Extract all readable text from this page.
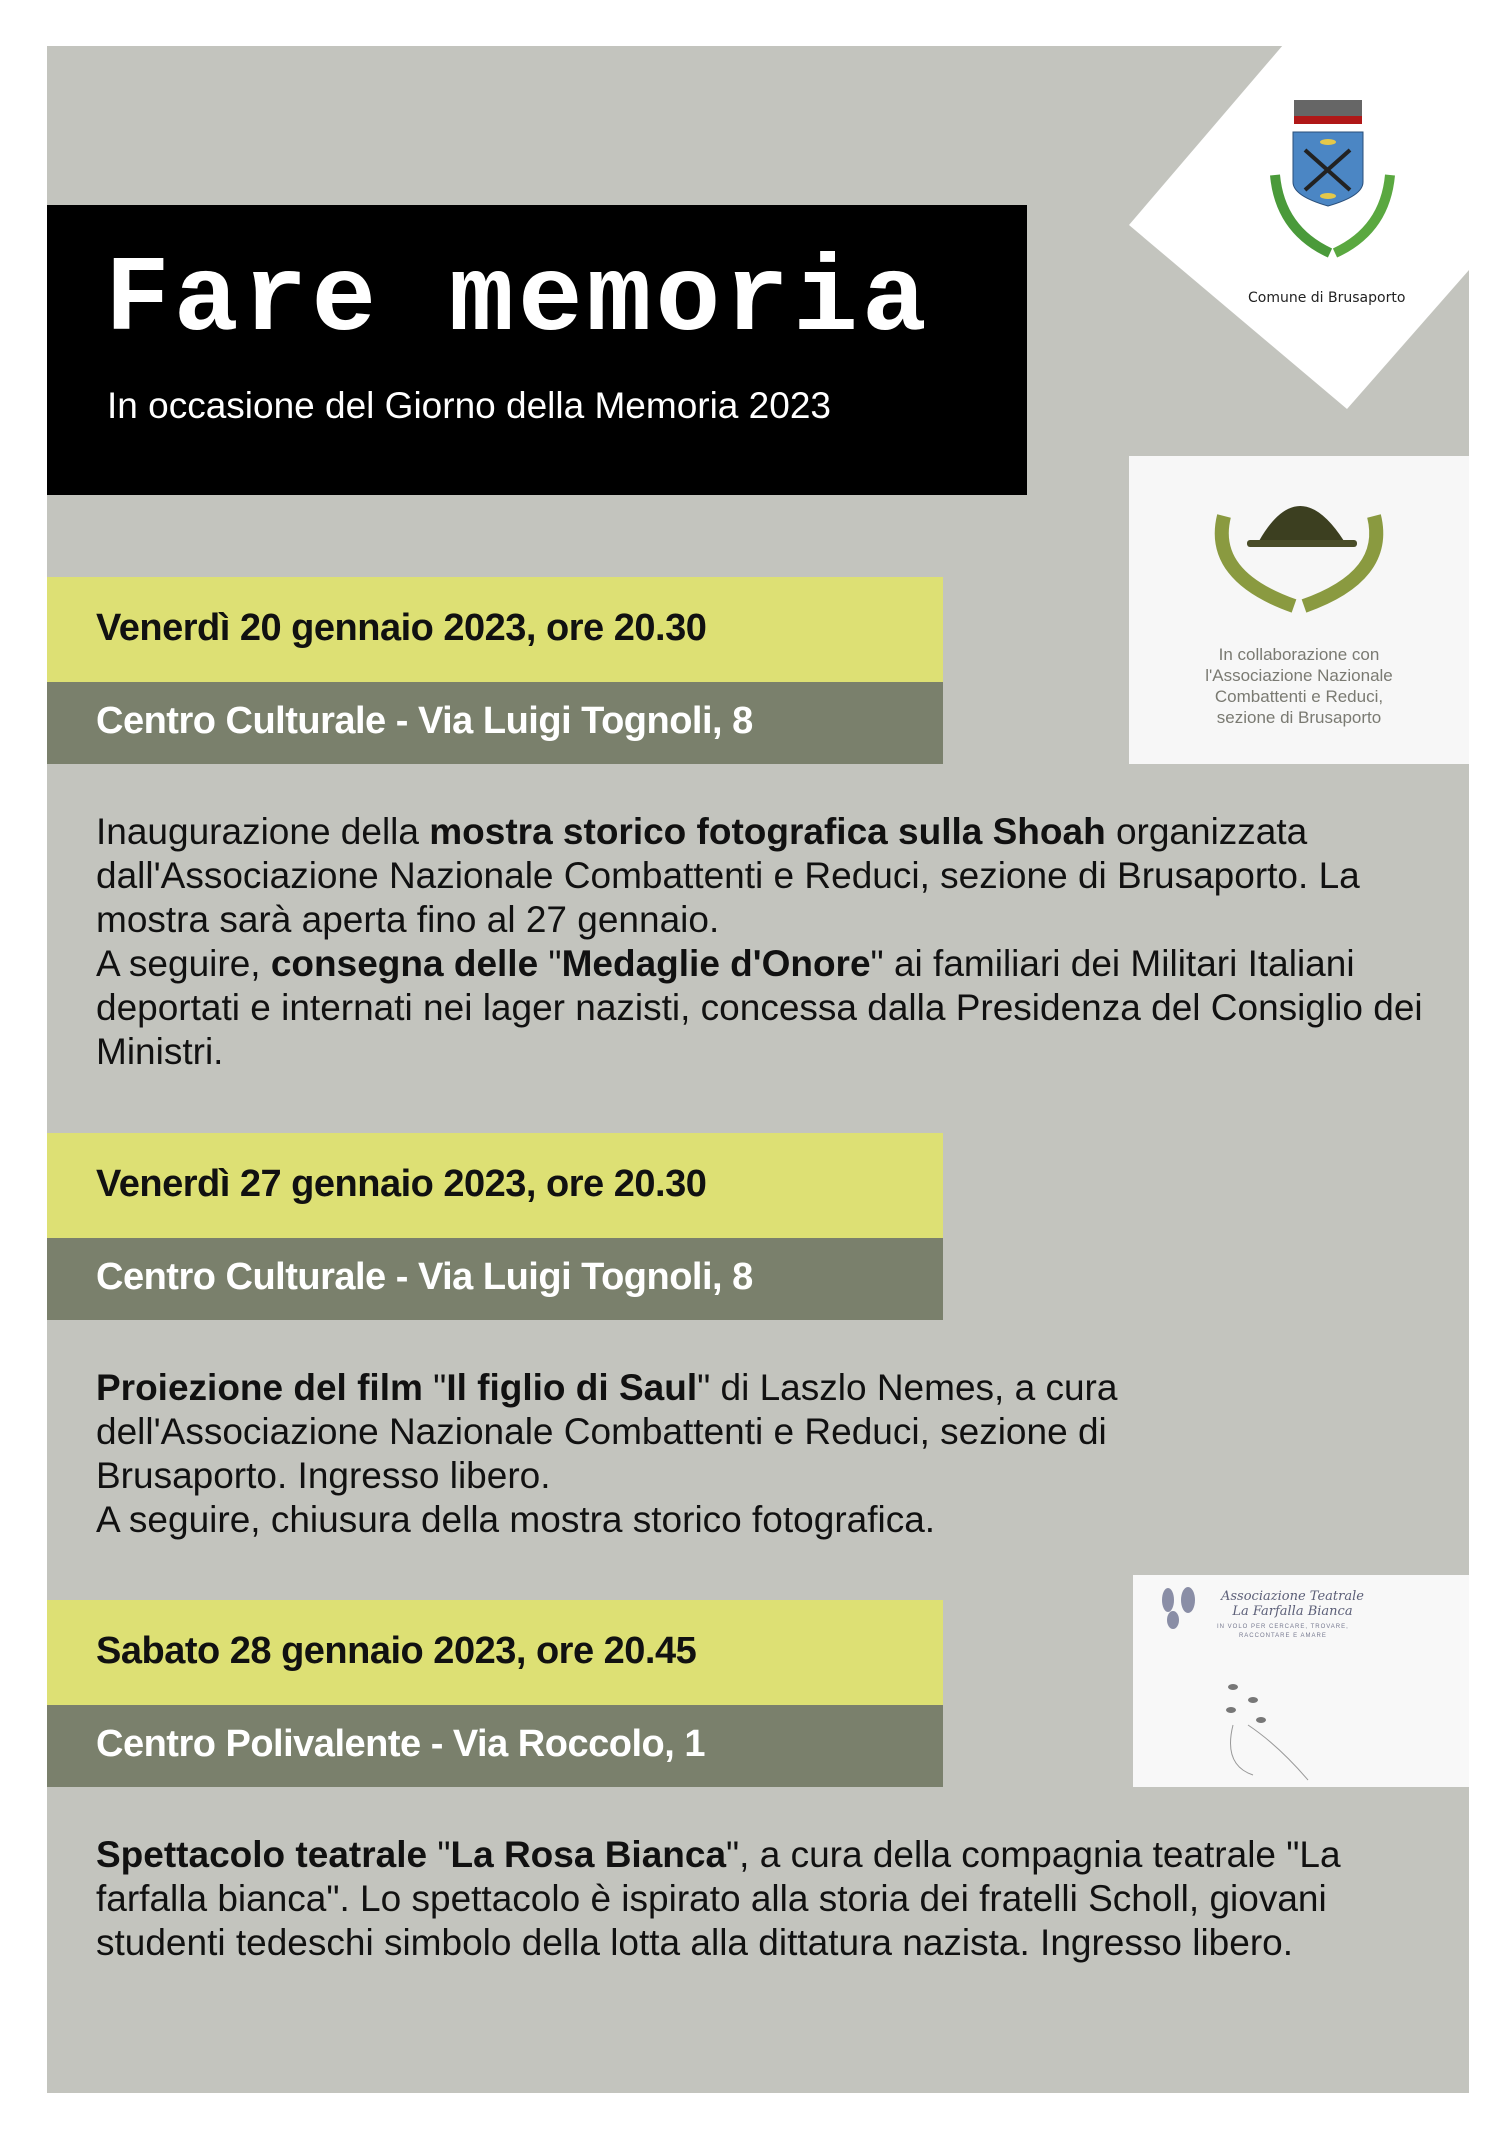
Comune di Brusaporto
Fare memoria
In occasione del Giorno della Memoria 2023
In collaborazione con
l'Associazione Nazionale
Combattenti e Reduci,
sezione di Brusaporto
Associazione Teatrale
La Farfalla Bianca
IN VOLO PER CERCARE, TROVARE,
RACCONTARE E AMARE
Venerdì 20 gennaio 2023, ore 20.30
Centro Culturale - Via Luigi Tognoli, 8

Inaugurazione della mostra storico fotografica sulla Shoah organizzata dall'Associazione Nazionale Combattenti e Reduci, sezione di Brusaporto. La mostra sarà aperta fino al 27 gennaio.
A seguire, consegna delle "Medaglie d'Onore" ai familiari dei Militari Italiani deportati e internati nei lager nazisti, concessa dalla Presidenza del Consiglio dei Ministri.

Venerdì 27 gennaio 2023, ore 20.30
Centro Culturale - Via Luigi Tognoli, 8

Proiezione del film "Il figlio di Saul" di Laszlo Nemes, a cura dell'Associazione Nazionale Combattenti e Reduci, sezione di Brusaporto. Ingresso libero.
A seguire, chiusura della mostra storico fotografica.

Sabato 28 gennaio 2023, ore 20.45
Centro Polivalente - Via Roccolo, 1

Spettacolo teatrale "La Rosa Bianca", a cura della compagnia teatrale "La farfalla bianca". Lo spettacolo è ispirato alla storia dei fratelli Scholl, giovani studenti tedeschi simbolo della lotta alla dittatura nazista. Ingresso libero.
